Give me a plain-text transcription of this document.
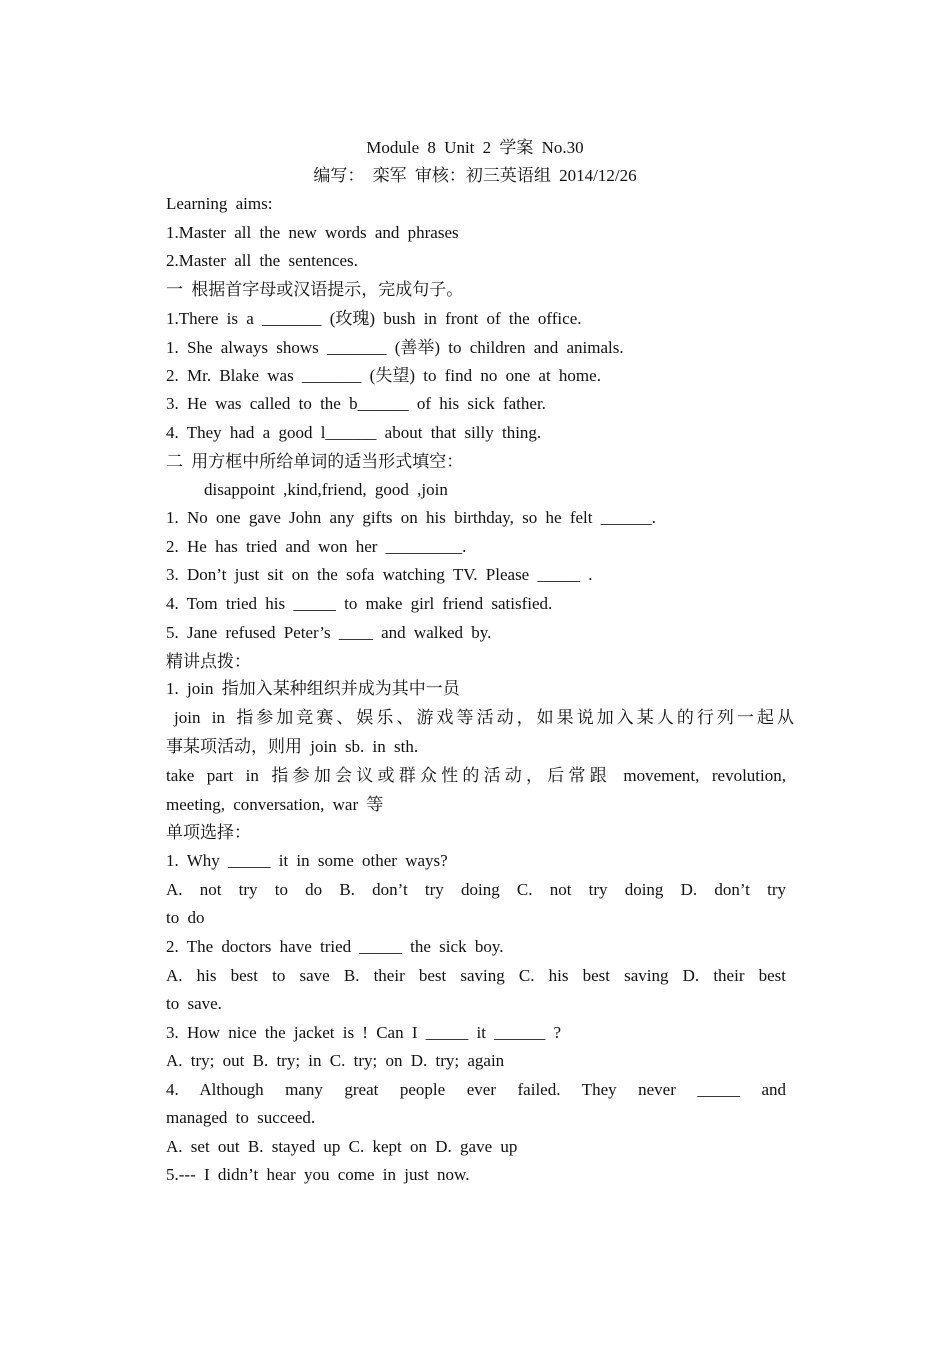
Module 8 Unit 2 学案 No.30
编写： 栾军 审核：初三英语组 2014/12/26
Learning aims:
1.Master all the new words and phrases
2.Master all the sentences.
一 根据首字母或汉语提示，完成句子。
1.There is a _______ (玫瑰) bush in front of the office.
1. She always shows _______ (善举) to children and animals.
2. Mr. Blake was _______ (失望) to find no one at home.
3. He was called to the b______ of his sick father.
4. They had a good l______ about that silly thing.
二 用方框中所给单词的适当形式填空：
disappoint ,kind,friend, good ,join
1. No one gave John any gifts on his birthday, so he felt ______.
2. He has tried and won her _________.
3. Don’t just sit on the sofa watching TV. Please _____ .
4. Tom tried his _____ to make girl friend satisfied.
5. Jane refused Peter’s ____ and walked by.
精讲点拨：
1. join 指加入某种组织并成为其中一员
join in 指参加竞赛、娱乐、游戏等活动，如果说加入某人的行列一起从
事某项活动，则用 join sb. in sth.
take part in 指参加会议或群众性的活动，后常跟 movement, revolution,
meeting, conversation, war 等
单项选择：
1. Why _____ it in some other ways?
A. not try to do B. don’t try doing C. not try doing D. don’t try
to do
2. The doctors have tried _____ the sick boy.
A. his best to save B. their best saving C. his best saving D. their best
to save.
3. How nice the jacket is ! Can I _____ it ______ ?
A. try; out B. try; in C. try; on D. try; again
4. Although many great people ever failed. They never _____ and
managed to succeed.
A. set out B. stayed up C. kept on D. gave up
5.--- I didn’t hear you come in just now.
